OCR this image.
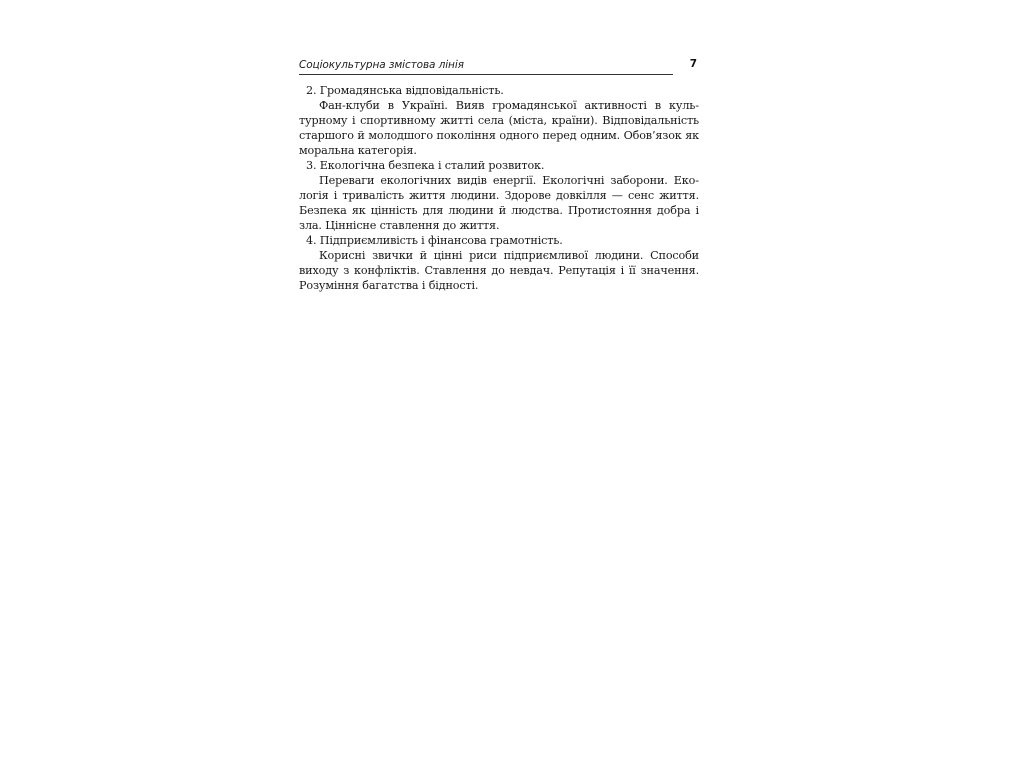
Соціокультурна змістова лінія	7

2. Громадянська відповідальність.

Фан-клуби в Україні. Вияв громадянської активності в культурному і спортивному житті села (міста, країни). Відповідальність старшого й молодшого покоління одного перед одним. Обов’язок як моральна категорія.

3. Екологічна безпека і сталий розвиток.

Переваги екологічних видів енергії. Екологічні заборони. Екологія і тривалість життя людини. Здорове довкілля — сенс життя. Безпека як цінність для людини й людства. Протистояння добра і зла. Ціннісне ставлення до життя.

4. Підприємливість і фінансова грамотність.

Корисні звички й цінні риси підприємливої людини. Способи виходу з конфліктів. Ставлення до невдач. Репутація і її значення. Розуміння багатства і бідності.
